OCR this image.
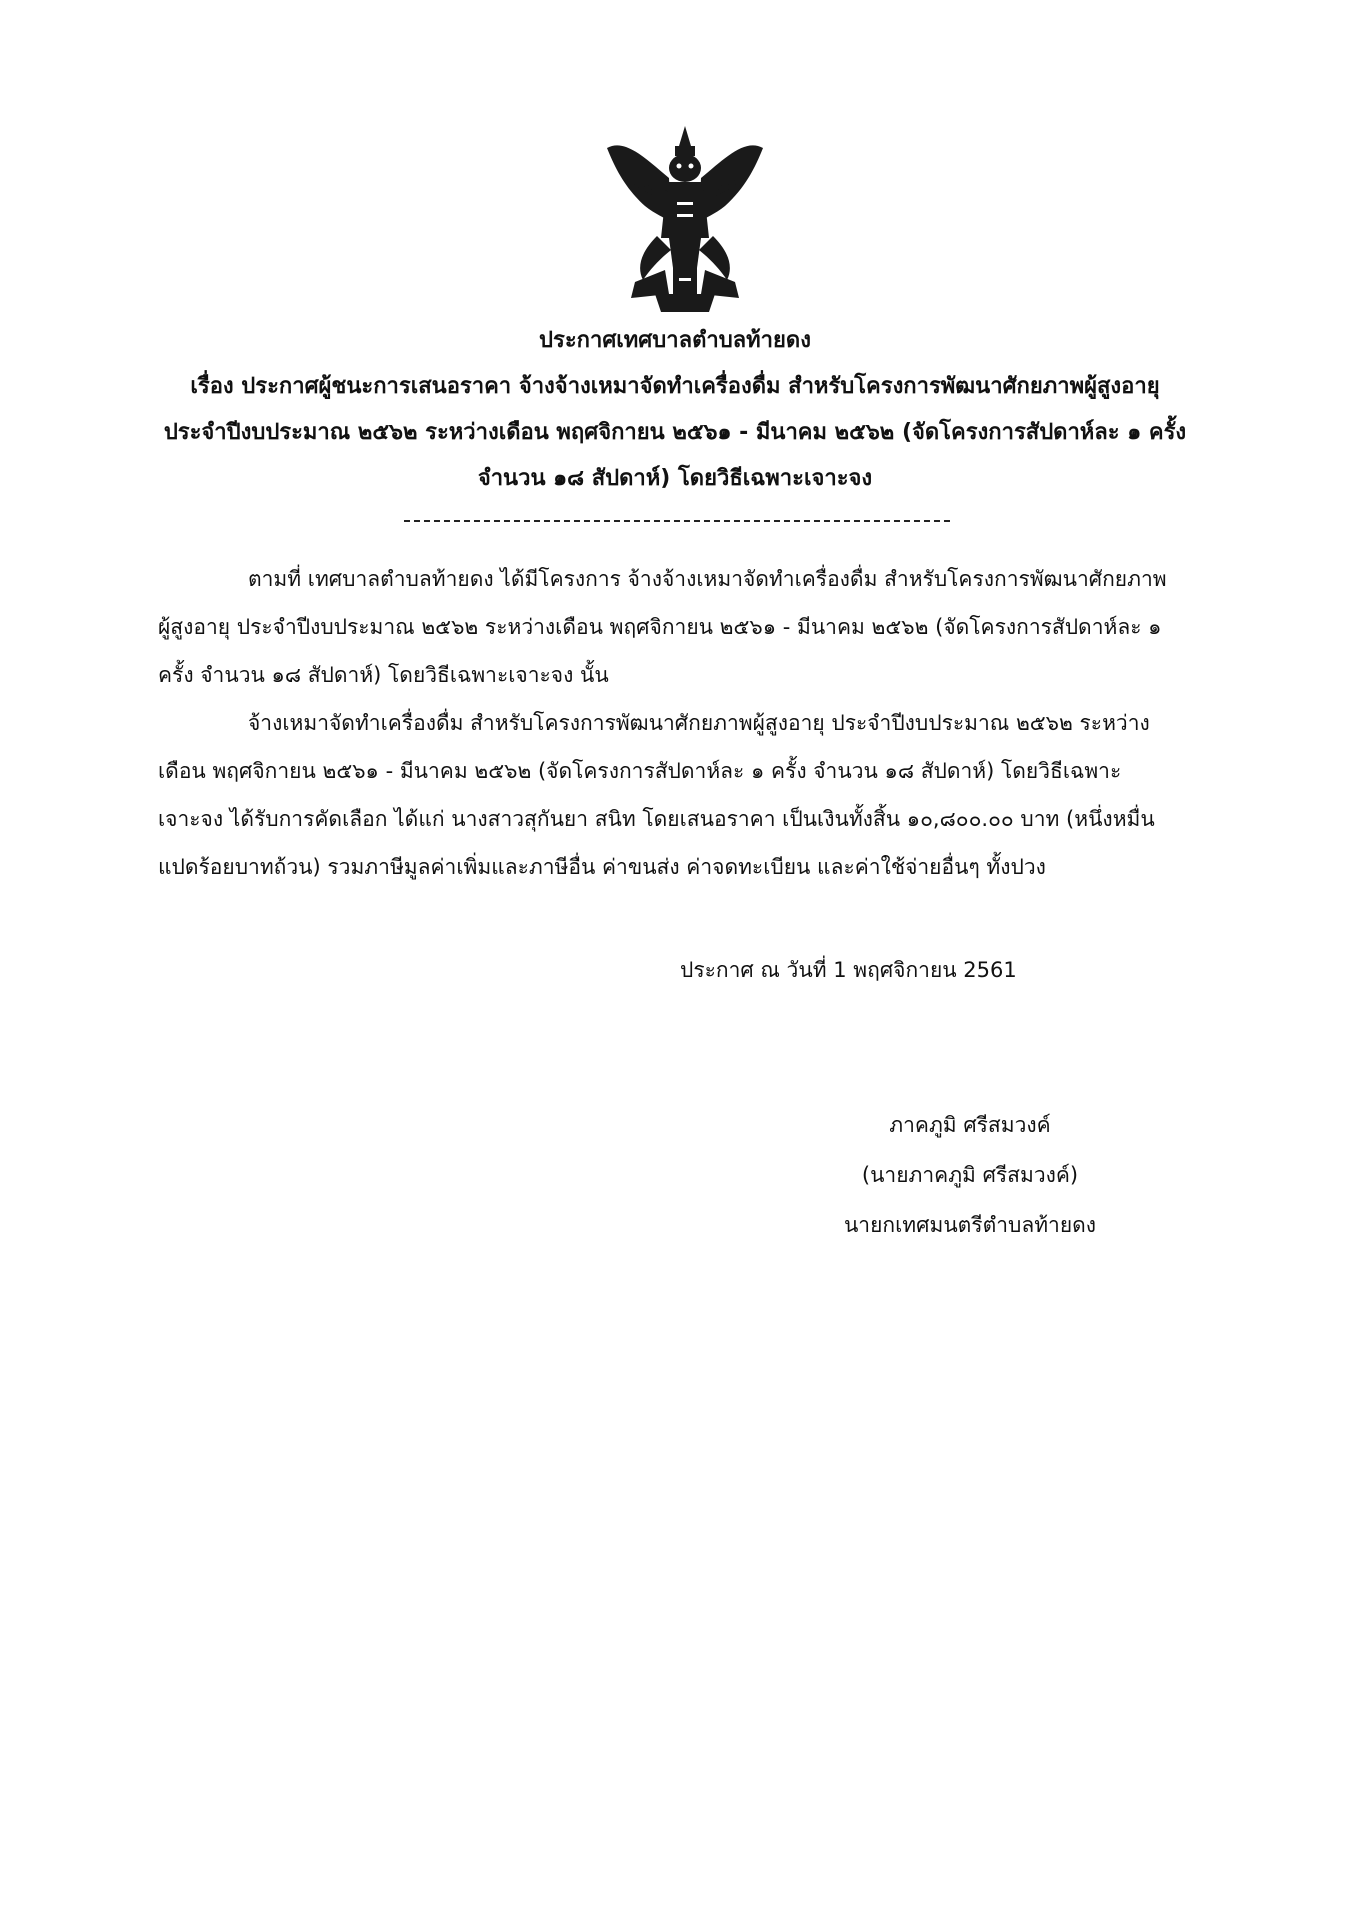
ประกาศเทศบาลตำบลท้ายดง
เรื่อง ประกาศผู้ชนะการเสนอราคา จ้างจ้างเหมาจัดทำเครื่องดื่ม สำหรับโครงการพัฒนาศักยภาพผู้สูงอายุ
ประจำปีงบประมาณ ๒๕๖๒ ระหว่างเดือน พฤศจิกายน ๒๕๖๑ - มีนาคม ๒๕๖๒ (จัดโครงการสัปดาห์ละ ๑ ครั้ง
จำนวน ๑๘ สัปดาห์) โดยวิธีเฉพาะเจาะจง
ตามที่ เทศบาลตำบลท้ายดง ได้มีโครงการ จ้างจ้างเหมาจัดทำเครื่องดื่ม สำหรับโครงการพัฒนาศักยภาพ
ผู้สูงอายุ ประจำปีงบประมาณ ๒๕๖๒ ระหว่างเดือน พฤศจิกายน ๒๕๖๑ - มีนาคม ๒๕๖๒ (จัดโครงการสัปดาห์ละ ๑
ครั้ง จำนวน ๑๘ สัปดาห์) โดยวิธีเฉพาะเจาะจง นั้น
จ้างเหมาจัดทำเครื่องดื่ม สำหรับโครงการพัฒนาศักยภาพผู้สูงอายุ ประจำปีงบประมาณ ๒๕๖๒ ระหว่าง
เดือน พฤศจิกายน ๒๕๖๑ - มีนาคม ๒๕๖๒ (จัดโครงการสัปดาห์ละ ๑ ครั้ง จำนวน ๑๘ สัปดาห์) โดยวิธีเฉพาะ
เจาะจง ได้รับการคัดเลือก ได้แก่ นางสาวสุกันยา สนิท โดยเสนอราคา เป็นเงินทั้งสิ้น ๑๐,๘๐๐.๐๐ บาท (หนึ่งหมื่น
แปดร้อยบาทถ้วน) รวมภาษีมูลค่าเพิ่มและภาษีอื่น ค่าขนส่ง ค่าจดทะเบียน และค่าใช้จ่ายอื่นๆ ทั้งปวง
ประกาศ ณ วันที่ 1 พฤศจิกายน 2561
ภาคภูมิ ศรีสมวงค์
(นายภาคภูมิ ศรีสมวงค์)
นายกเทศมนตรีตำบลท้ายดง
